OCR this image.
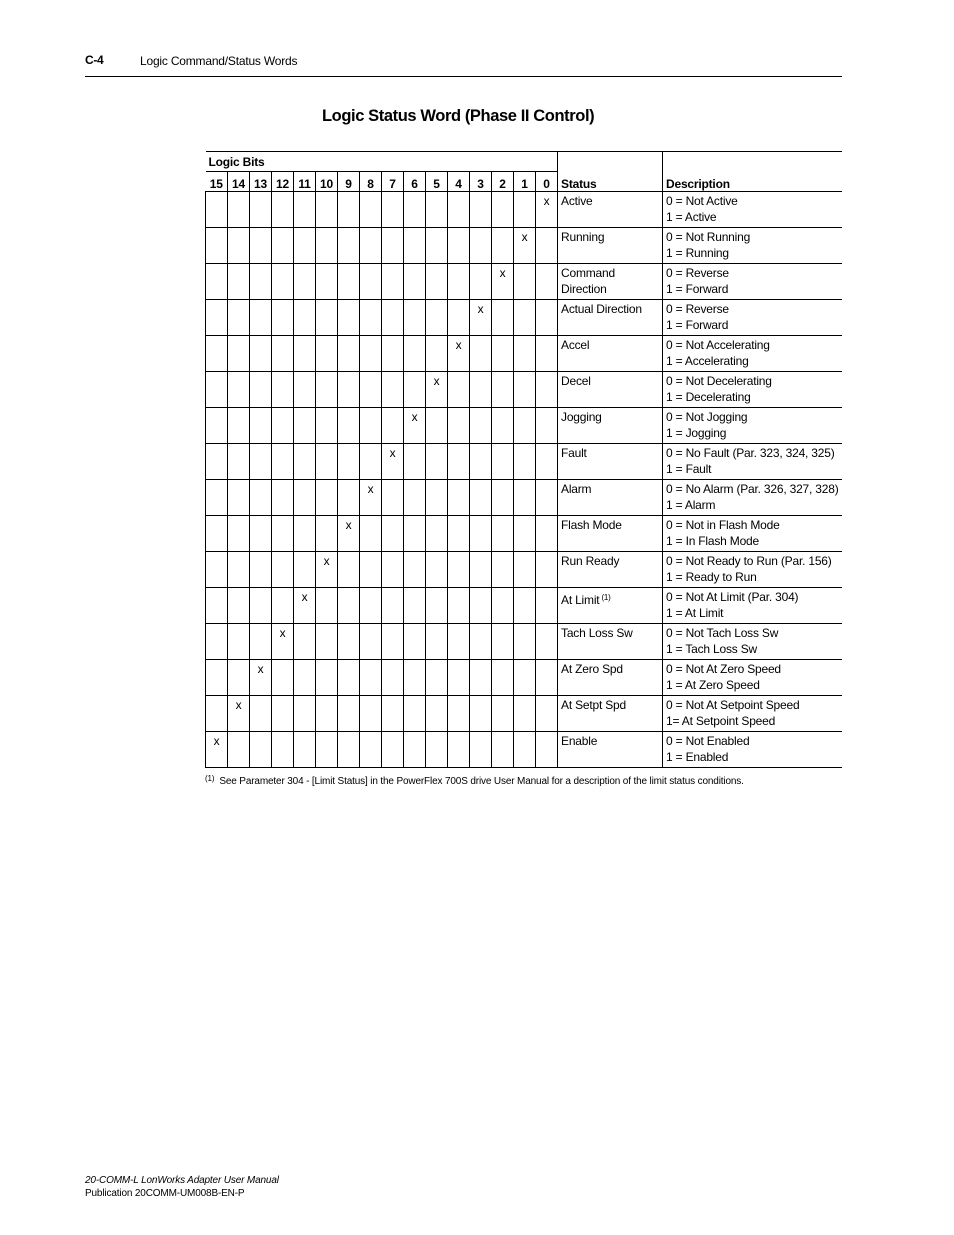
C-4	Logic Command/Status Words
Logic Status Word (Phase II Control)
Logic Bits																	
15	14	13	12	11	10	9	8	7	6	5	4	3	2	1	0	Status	Description
															x	Active	0 = Not Active
1 = Active

														x		Running	0 = Not Running
1 = Running

													x			Command Direction	0 = Reverse
1 = Forward

												x				Actual Direction	0 = Reverse
1 = Forward

											x					Accel	0 = Not Accelerating
1 = Accelerating

										x						Decel	0 = Not Decelerating
1 = Decelerating

									x							Jogging	0 = Not Jogging
1 = Jogging

								x								Fault	0 = No Fault (Par. 323, 324, 325)
1 = Fault

							x									Alarm	0 = No Alarm (Par. 326, 327, 328)
1 = Alarm

						x										Flash Mode	0 = Not in Flash Mode
1 = In Flash Mode

					x											Run Ready	0 = Not Ready to Run (Par. 156)
1 = Ready to Run

				x												At Limit $^{(1)}$	0 = Not At Limit (Par. 304)
1 = At Limit

			x													Tach Loss Sw	0 = Not Tach Loss Sw
1 = Tach Loss Sw

		x														At Zero Spd	0 = Not At Zero Speed
1 = At Zero Speed

	x															At Setpt Spd	0 = Not At Setpoint Speed
1= At Setpoint Speed

x																Enable	0 = Not Enabled
1 = Enabled
$^{(1)}$ See Parameter 304 - [Limit Status] in the PowerFlex 700S drive User Manual for a description of the limit status conditions.
20-COMM-L LonWorks Adapter User Manual
Publication 20COMM-UM008B-EN-P
